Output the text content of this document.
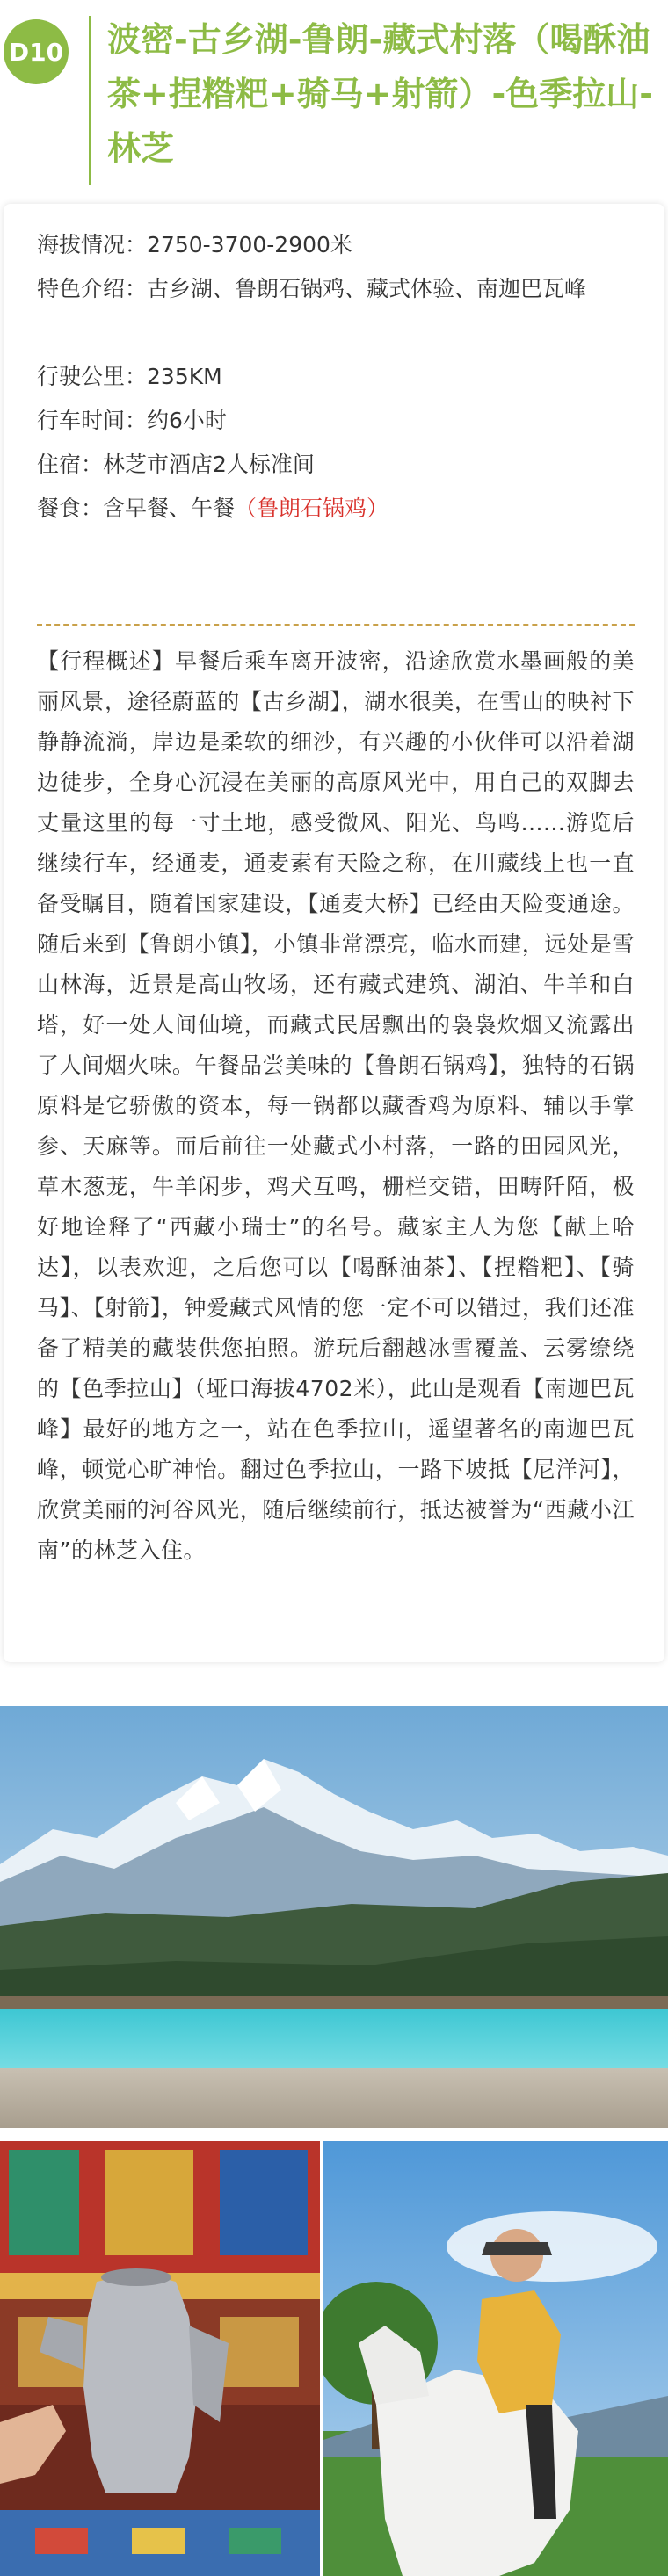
D10 波密-古乡湖-鲁朗-藏式村落（喝酥油茶+捏糌粑+骑马+射箭）-色季拉山-林芝

海拔情况：2750-3700-2900米

特色介绍：古乡湖、鲁朗石锅鸡、藏式体验、南迦巴瓦峰

行驶公里：235KM

行车时间：约6小时

住宿：林芝市酒店2人标准间

餐食：含早餐、午餐（鲁朗石锅鸡）

【行程概述】早餐后乘车离开波密，沿途欣赏水墨画般的美丽风景，途径蔚蓝的【古乡湖】，湖水很美，在雪山的映衬下静静流淌，岸边是柔软的细沙，有兴趣的小伙伴可以沿着湖边徒步，全身心沉浸在美丽的高原风光中，用自己的双脚去丈量这里的每一寸土地，感受微风、阳光、鸟鸣......游览后继续行车，经通麦，通麦素有天险之称，在川藏线上也一直备受瞩目，随着国家建设，【通麦大桥】已经由天险变通途。随后来到【鲁朗小镇】，小镇非常漂亮，临水而建，远处是雪山林海，近景是高山牧场，还有藏式建筑、湖泊、牛羊和白塔，好一处人间仙境，而藏式民居飘出的袅袅炊烟又流露出了人间烟火味。午餐品尝美味的【鲁朗石锅鸡】，独特的石锅原料是它骄傲的资本，每一锅都以藏香鸡为原料、辅以手掌参、天麻等。而后前往一处藏式小村落，一路的田园风光，草木葱茏，牛羊闲步，鸡犬互鸣，栅栏交错，田畴阡陌，极好地诠释了“西藏小瑞士”的名号。藏家主人为您【献上哈达】，以表欢迎，之后您可以【喝酥油茶】、【捏糌粑】、【骑马】、【射箭】，钟爱藏式风情的您一定不可以错过，我们还准备了精美的藏装供您拍照。游玩后翻越冰雪覆盖、云雾缭绕的【色季拉山】（垭口海拔4702米），此山是观看【南迦巴瓦峰】最好的地方之一，站在色季拉山，遥望著名的南迦巴瓦峰，顿觉心旷神怡。翻过色季拉山，一路下坡抵【尼洋河】，欣赏美丽的河谷风光，随后继续前行，抵达被誉为“西藏小江南”的林芝入住。
